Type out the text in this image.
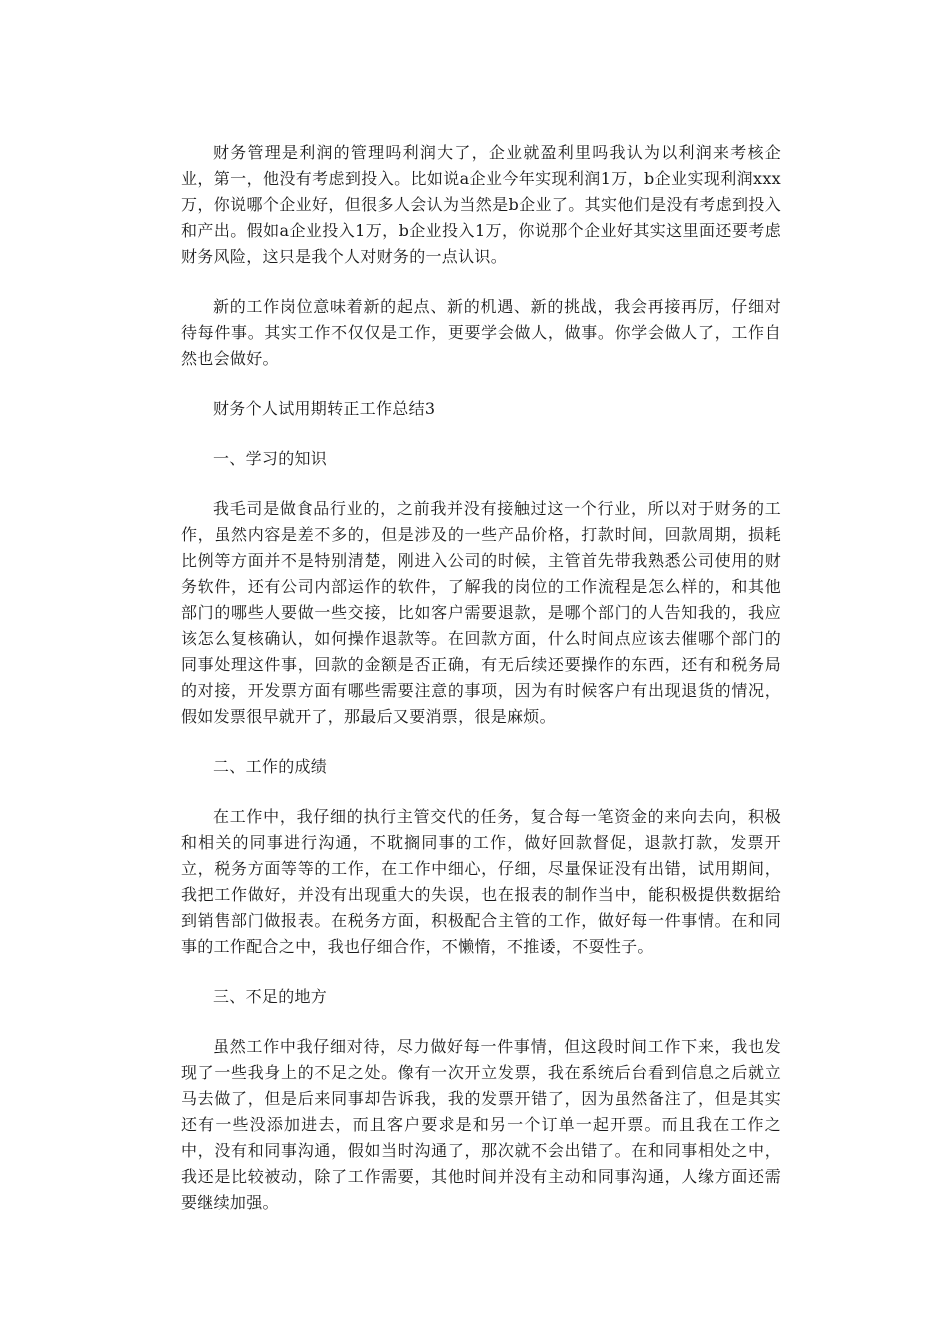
财务管理是利润的管理吗利润大了，企业就盈利里吗我认为以利润来考核企业，第一，他没有考虑到投入。比如说a企业今年实现利润1万，b企业实现利润xxx万，你说哪个企业好，但很多人会认为当然是b企业了。其实他们是没有考虑到投入和产出。假如a企业投入1万，b企业投入1万，你说那个企业好其实这里面还要考虑财务风险，这只是我个人对财务的一点认识。

新的工作岗位意味着新的起点、新的机遇、新的挑战，我会再接再厉，仔细对待每件事。其实工作不仅仅是工作，更要学会做人，做事。你学会做人了，工作自然也会做好。

财务个人试用期转正工作总结3

一、学习的知识

我毛司是做食品行业的，之前我并没有接触过这一个行业，所以对于财务的工作，虽然内容是差不多的，但是涉及的一些产品价格，打款时间，回款周期，损耗比例等方面并不是特别清楚，刚进入公司的时候，主管首先带我熟悉公司使用的财务软件，还有公司内部运作的软件，了解我的岗位的工作流程是怎么样的，和其他部门的哪些人要做一些交接，比如客户需要退款，是哪个部门的人告知我的，我应该怎么复核确认，如何操作退款等。在回款方面，什么时间点应该去催哪个部门的同事处理这件事，回款的金额是否正确，有无后续还要操作的东西，还有和税务局的对接，开发票方面有哪些需要注意的事项，因为有时候客户有出现退货的情况，假如发票很早就开了，那最后又要消票，很是麻烦。

二、工作的成绩

在工作中，我仔细的执行主管交代的任务，复合每一笔资金的来向去向，积极和相关的同事进行沟通，不耽搁同事的工作，做好回款督促，退款打款，发票开立，税务方面等等的工作，在工作中细心，仔细，尽量保证没有出错，试用期间，我把工作做好，并没有出现重大的失误，也在报表的制作当中，能积极提供数据给到销售部门做报表。在税务方面，积极配合主管的工作，做好每一件事情。在和同事的工作配合之中，我也仔细合作，不懒惰，不推诿，不耍性子。

三、不足的地方

虽然工作中我仔细对待，尽力做好每一件事情，但这段时间工作下来，我也发现了一些我身上的不足之处。像有一次开立发票，我在系统后台看到信息之后就立马去做了，但是后来同事却告诉我，我的发票开错了，因为虽然备注了，但是其实还有一些没添加进去，而且客户要求是和另一个订单一起开票。而且我在工作之中，没有和同事沟通，假如当时沟通了，那次就不会出错了。在和同事相处之中，我还是比较被动，除了工作需要，其他时间并没有主动和同事沟通，人缘方面还需要继续加强。
